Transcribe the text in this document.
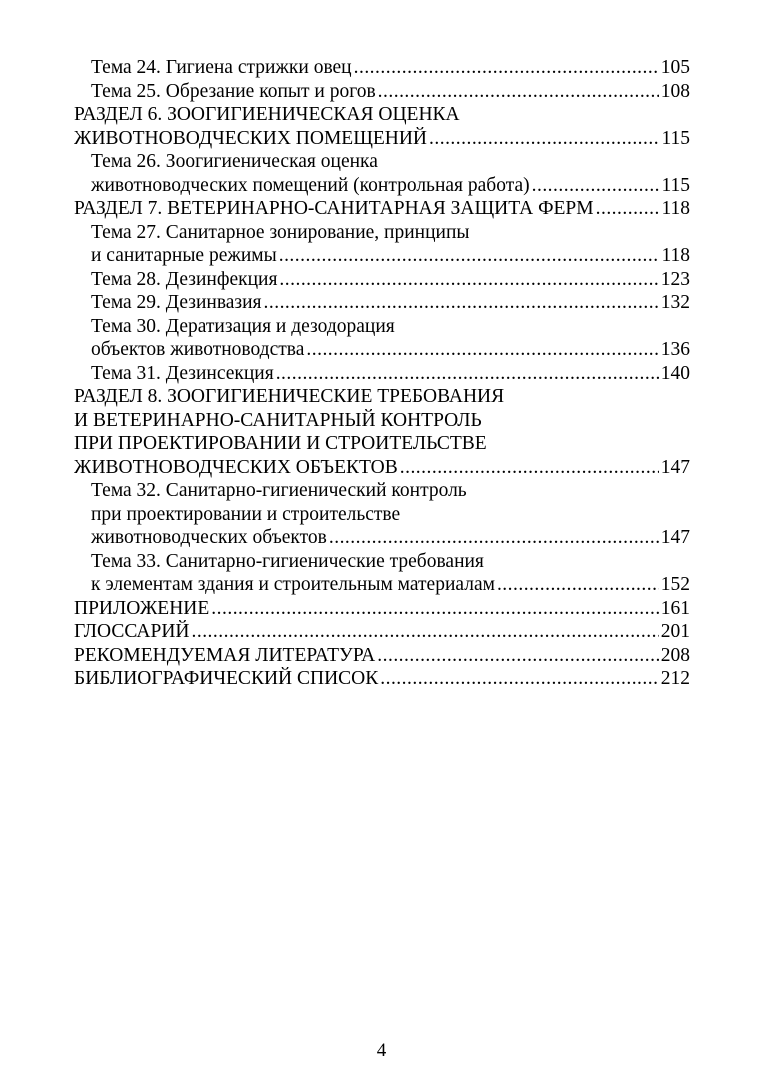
Тема 24. Гигиена стрижки овец . . .	105
Тема 25. Обрезание копыт и рогов . . .	108
РАЗДЕЛ 6. ЗООГИГИЕНИЧЕСКАЯ ОЦЕНКА
ЖИВОТНОВОДЧЕСКИХ ПОМЕЩЕНИЙ . . .	115
Тема 26. Зоогигиеническая оценка
животноводческих помещений (контрольная работа) . . .	115
РАЗДЕЛ 7. ВЕТЕРИНАРНО-САНИТАРНАЯ ЗАЩИТА ФЕРМ . . .	118
Тема 27. Санитарное зонирование, принципы
и санитарные режимы . . .	118
Тема 28. Дезинфекция . . .	123
Тема 29. Дезинвазия . . .	132
Тема 30. Дератизация и дезодорация
объектов животноводства . . .	136
Тема 31. Дезинсекция . . .	140
РАЗДЕЛ 8. ЗООГИГИЕНИЧЕСКИЕ ТРЕБОВАНИЯ
И ВЕТЕРИНАРНО-САНИТАРНЫЙ КОНТРОЛЬ
ПРИ ПРОЕКТИРОВАНИИ И СТРОИТЕЛЬСТВЕ
ЖИВОТНОВОДЧЕСКИХ ОБЪЕКТОВ . . .	147
Тема 32. Санитарно-гигиенический контроль
при проектировании и строительстве
животноводческих объектов . . .	147
Тема 33. Санитарно-гигиенические требования
к элементам здания и строительным материалам . . .	152
ПРИЛОЖЕНИЕ . . .	161
ГЛОССАРИЙ . . .	201
РЕКОМЕНДУЕМАЯ ЛИТЕРАТУРА . . .	208
БИБЛИОГРАФИЧЕСКИЙ СПИСОК . . .	212
4
